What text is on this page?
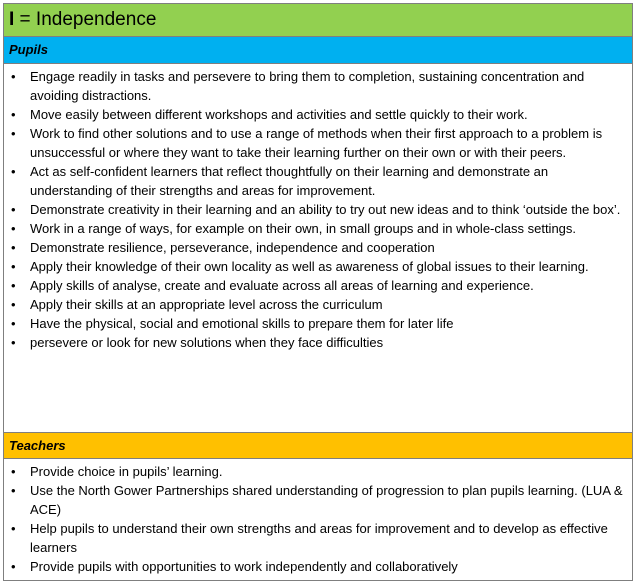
I = Independence
Pupils
• Engage readily in tasks and persevere to bring them to completion, sustaining concentration and avoiding distractions.
• Move easily between different workshops and activities and settle quickly to their work.
• Work to find other solutions and to use a range of methods when their first approach to a problem is unsuccessful or where they want to take their learning further on their own or with their peers.
• Act as self-confident learners that reflect thoughtfully on their learning and demonstrate an understanding of their strengths and areas for improvement.
• Demonstrate creativity in their learning and an ability to try out new ideas and to think ‘outside the box’.
• Work in a range of ways, for example on their own, in small groups and in whole-class settings.
• Demonstrate resilience, perseverance, independence and cooperation
• Apply their knowledge of their own locality as well as awareness of global issues to their learning.
• Apply skills of analyse, create and evaluate across all areas of learning and experience.
• Apply their skills at an appropriate level across the curriculum
• Have the physical, social and emotional skills to prepare them for later life
• persevere or look for new solutions when they face difficulties
Teachers
• Provide choice in pupils’ learning.
• Use the North Gower Partnerships shared understanding of progression to plan pupils learning. (LUA & ACE)
• Help pupils to understand their own strengths and areas for improvement and to develop as effective learners
• Provide pupils with opportunities to work independently and collaboratively
